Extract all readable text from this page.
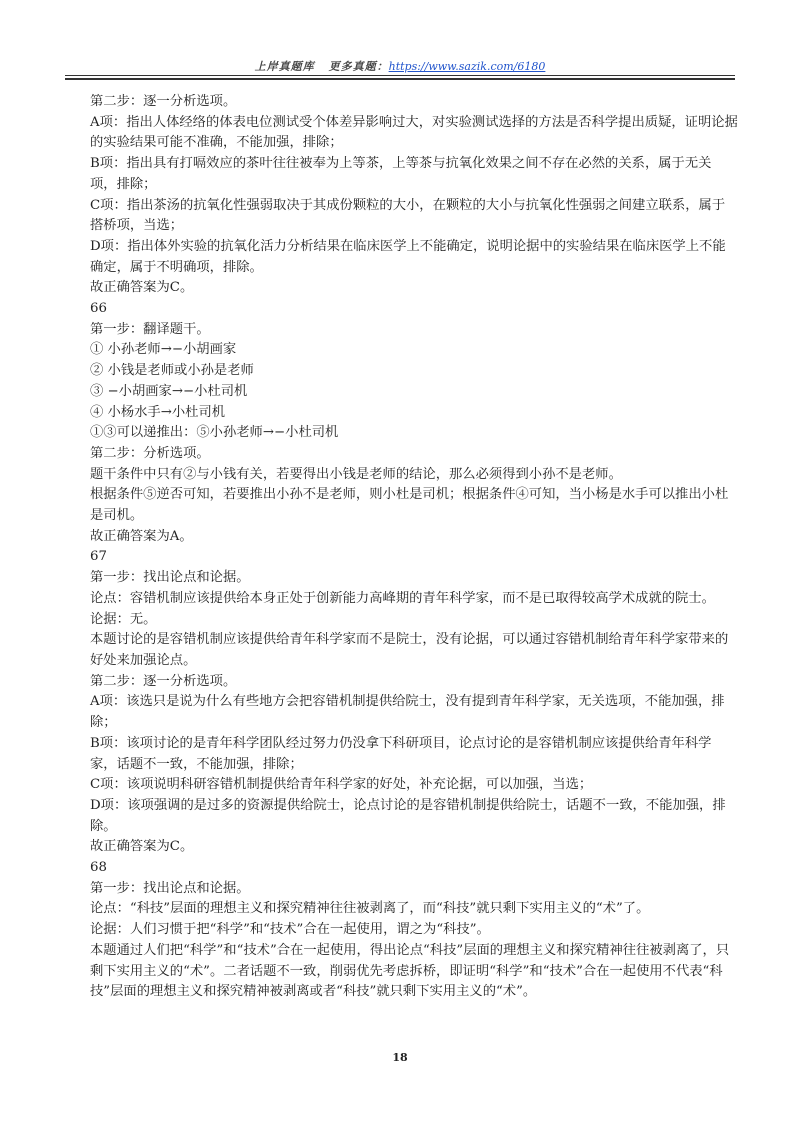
上岸真题库 更多真题：https://www.sazik.com/6180

第二步：逐一分析选项。

A项：指出人体经络的体表电位测试受个体差异影响过大，对实验测试选择的方法是否科学提出质疑，证明论据的实验结果可能不准确，不能加强，排除；

B项：指出具有打嗝效应的茶叶往往被奉为上等茶，上等茶与抗氧化效果之间不存在必然的关系，属于无关项，排除；

C项：指出茶汤的抗氧化性强弱取决于其成份颗粒的大小，在颗粒的大小与抗氧化性强弱之间建立联系，属于搭桥项，当选；

D项：指出体外实验的抗氧化活力分析结果在临床医学上不能确定，说明论据中的实验结果在临床医学上不能确定，属于不明确项，排除。

故正确答案为C。

66

第一步：翻译题干。

① 小孙老师→−小胡画家

② 小钱是老师或小孙是老师

③ −小胡画家→−小杜司机

④ 小杨水手→小杜司机

①③可以递推出：⑤小孙老师→−小杜司机

第二步：分析选项。

题干条件中只有②与小钱有关，若要得出小钱是老师的结论，那么必须得到小孙不是老师。

根据条件⑤逆否可知，若要推出小孙不是老师，则小杜是司机；根据条件④可知，当小杨是水手可以推出小杜是司机。

故正确答案为A。

67

第一步：找出论点和论据。

论点：容错机制应该提供给本身正处于创新能力高峰期的青年科学家，而不是已取得较高学术成就的院士。

论据：无。

本题讨论的是容错机制应该提供给青年科学家而不是院士，没有论据，可以通过容错机制给青年科学家带来的好处来加强论点。

第二步：逐一分析选项。

A项：该选只是说为什么有些地方会把容错机制提供给院士，没有提到青年科学家，无关选项，不能加强，排除；

B项：该项讨论的是青年科学团队经过努力仍没拿下科研项目，论点讨论的是容错机制应该提供给青年科学家，话题不一致，不能加强，排除；

C项：该项说明科研容错机制提供给青年科学家的好处，补充论据，可以加强，当选；

D项：该项强调的是过多的资源提供给院士，论点讨论的是容错机制提供给院士，话题不一致，不能加强，排除。

故正确答案为C。

68

第一步：找出论点和论据。

论点：“科技”层面的理想主义和探究精神往往被剥离了，而“科技”就只剩下实用主义的“术”了。

论据：人们习惯于把“科学”和“技术”合在一起使用，谓之为“科技”。

本题通过人们把“科学”和“技术”合在一起使用，得出论点“科技”层面的理想主义和探究精神往往被剥离了，只剩下实用主义的“术”。二者话题不一致，削弱优先考虑拆桥，即证明“科学”和“技术”合在一起使用不代表“科技”层面的理想主义和探究精神被剥离或者“科技”就只剩下实用主义的“术”。

18
